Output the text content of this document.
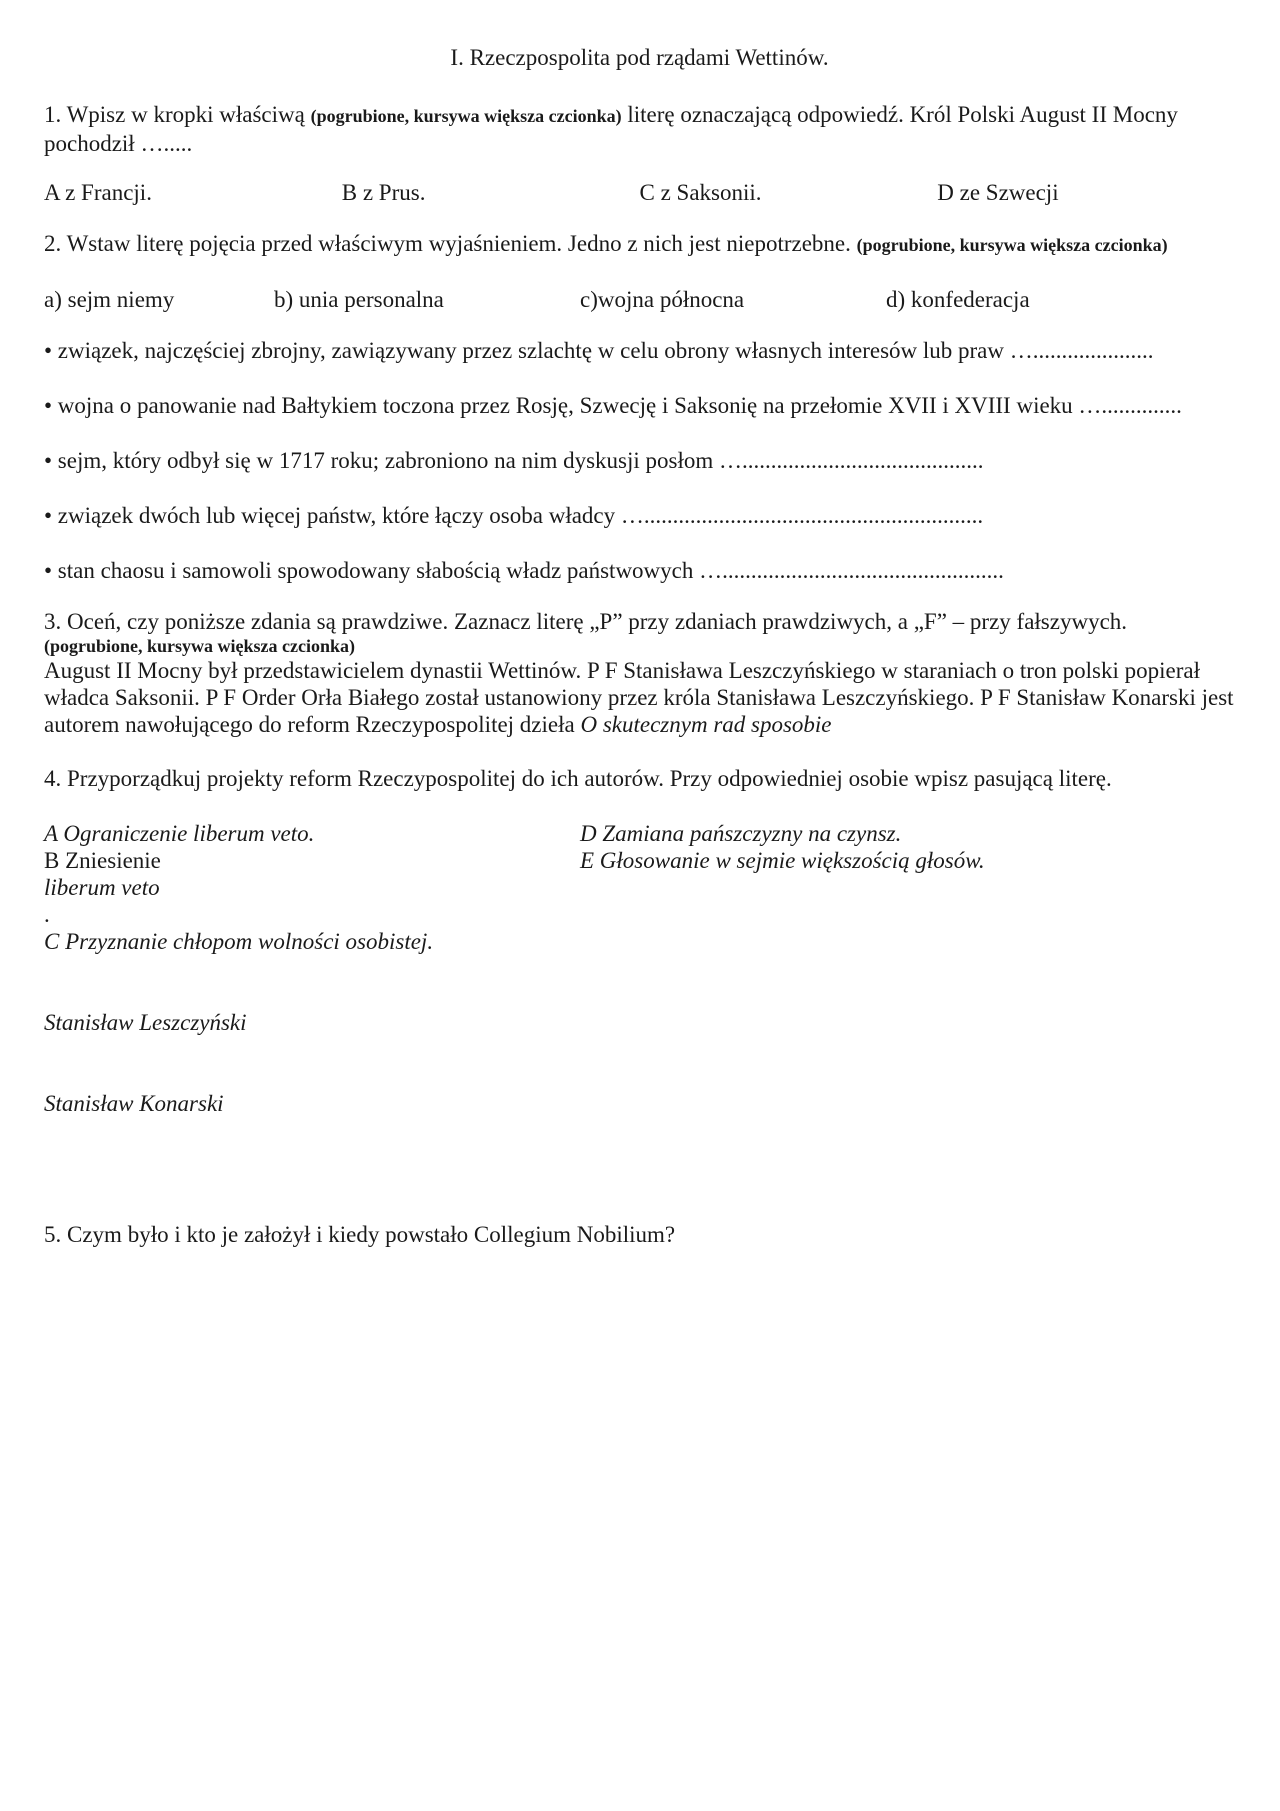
I. Rzeczpospolita pod rządami Wettinów.

1. Wpisz w kropki właściwą (pogrubione, kursywa większa czcionka) literę oznaczającą odpowiedź. Król Polski August II Mocny pochodził ….....

A z Francji.	B z Prus.	C z Saksonii.	D ze Szwecji

2. Wstaw literę pojęcia przed właściwym wyjaśnieniem. Jedno z nich jest niepotrzebne. (pogrubione, kursywa większa czcionka)

a) sejm niemy	b) unia personalna	c)wojna północna	d) konfederacja

• związek, najczęściej zbrojny, zawiązywany przez szlachtę w celu obrony własnych interesów lub praw ….....................

• wojna o panowanie nad Bałtykiem toczona przez Rosję, Szwecję i Saksonię na przełomie XVII i XVIII wieku …..............

• sejm, który odbył się w 1717 roku; zabroniono na nim dyskusji posłom …..........................................

• związek dwóch lub więcej państw, które łączy osoba władcy …...........................................................

• stan chaosu i samowoli spowodowany słabością władz państwowych ….................................................

3. Oceń, czy poniższe zdania są prawdziwe. Zaznacz literę „P” przy zdaniach prawdziwych, a „F” – przy fałszywych.

(pogrubione, kursywa większa czcionka)

August II Mocny był przedstawicielem dynastii Wettinów. P F Stanisława Leszczyńskiego w staraniach o tron polski popierał władca Saksonii. P F Order Orła Białego został ustanowiony przez króla Stanisława Leszczyńskiego. P F Stanisław Konarski jest autorem nawołującego do reform Rzeczypospolitej dzieła O skutecznym rad sposobie

4. Przyporządkuj projekty reform Rzeczypospolitej do ich autorów. Przy odpowiedniej osobie wpisz pasującą literę.

A Ograniczenie liberum veto.
B Zniesienie
liberum veto
.
C Przyznanie chłopom wolności osobistej.
D Zamiana pańszczyzny na czynsz.
E Głosowanie w sejmie większością głosów.

Stanisław Leszczyński

Stanisław Konarski

5. Czym było i kto je założył i kiedy powstało Collegium Nobilium?
